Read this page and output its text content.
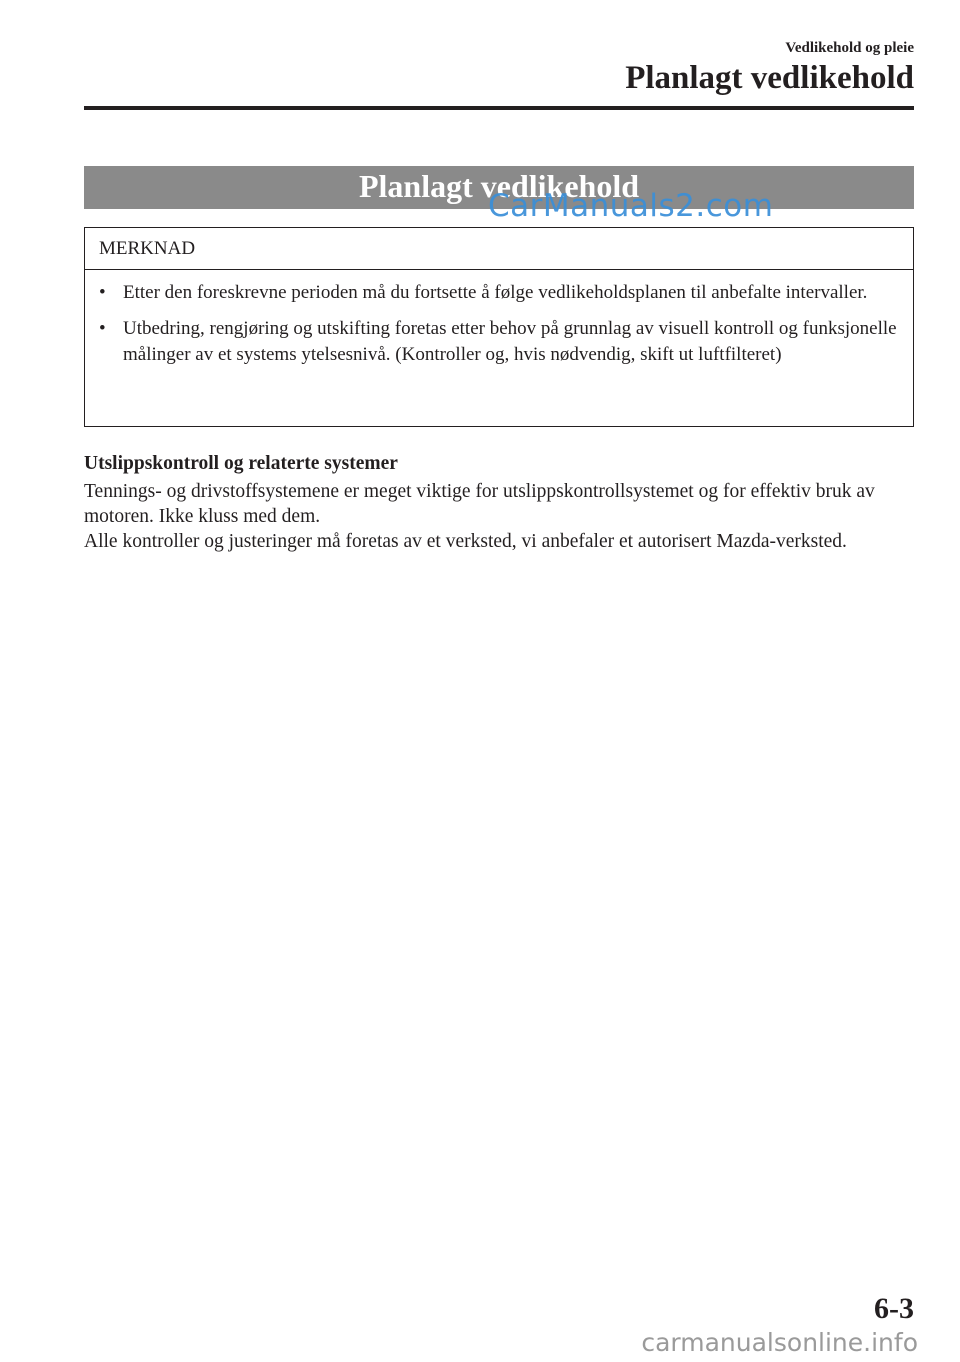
Vedlikehold og pleie
Planlagt vedlikehold
Planlagt vedlikehold
CarManuals2.com
MERKNAD
• Etter den foreskrevne perioden må du fortsette å følge vedlikeholdsplanen til anbefalte intervaller.
• Utbedring, rengjøring og utskifting foretas etter behov på grunnlag av visuell kontroll og funksjonelle målinger av et systems ytelsesnivå. (Kontroller og, hvis nødvendig, skift ut luftfilteret)
Utslippskontroll og relaterte systemer

Tennings- og drivstoffsystemene er meget viktige for utslippskontrollsystemet og for effektiv bruk av motoren. Ikke kluss med dem.

Alle kontroller og justeringer må foretas av et verksted, vi anbefaler et autorisert Mazda-verksted.

6-3
carmanualsonline.info
